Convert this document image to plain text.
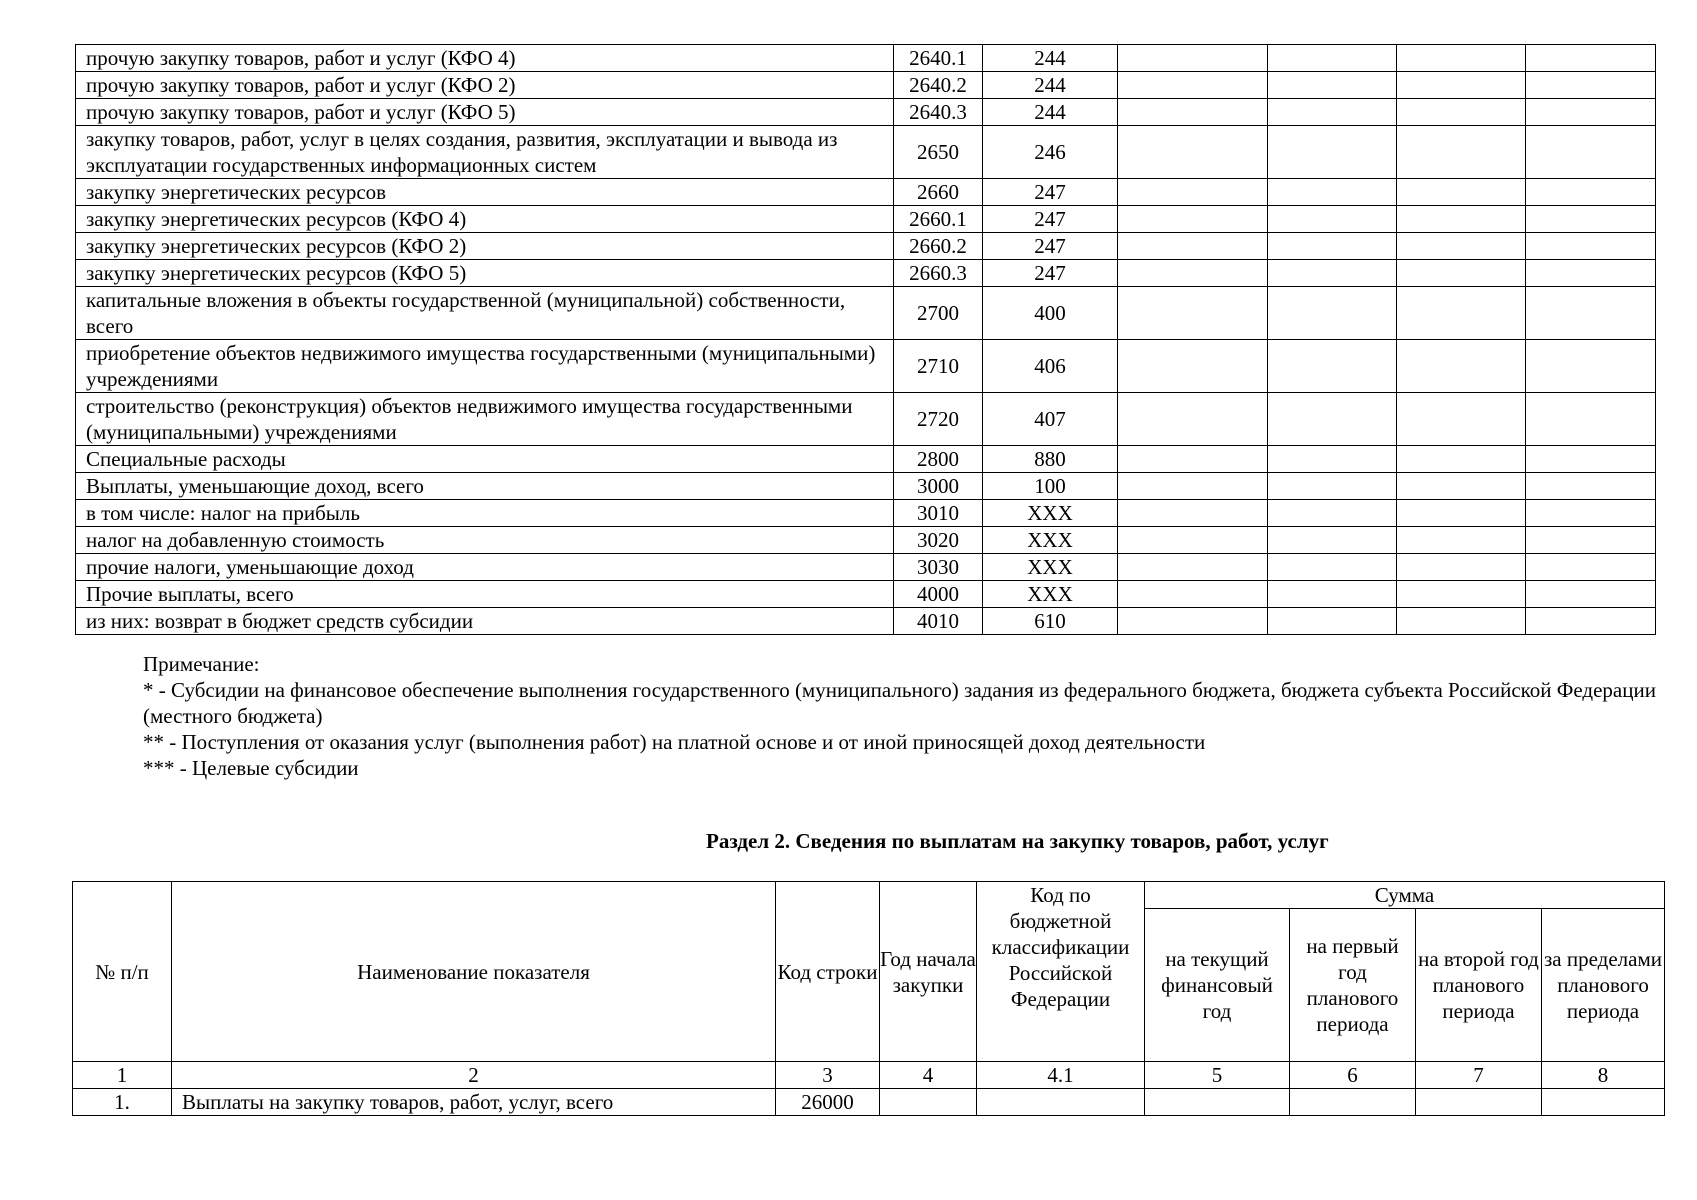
прочую закупку товаров, работ и услуг (КФО 4)	2640.1	244				
прочую закупку товаров, работ и услуг (КФО 2)	2640.2	244				
прочую закупку товаров, работ и услуг (КФО 5)	2640.3	244				
закупку товаров, работ, услуг в целях создания, развития, эксплуатации и вывода из эксплуатации государственных информационных систем	2650	246				
закупку энергетических ресурсов	2660	247				
закупку энергетических ресурсов (КФО 4)	2660.1	247				
закупку энергетических ресурсов (КФО 2)	2660.2	247				
закупку энергетических ресурсов (КФО 5)	2660.3	247				
капитальные вложения в объекты государственной (муниципальной) собственности, всего	2700	400				
приобретение объектов недвижимого имущества государственными (муниципальными) учреждениями	2710	406				
строительство (реконструкция) объектов недвижимого имущества государственными (муниципальными) учреждениями	2720	407				
Специальные расходы	2800	880				
Выплаты, уменьшающие доход, всего	3000	100				
в том числе: налог на прибыль	3010	ХХХ				
налог на добавленную стоимость	3020	ХХХ				
прочие налоги, уменьшающие доход	3030	ХХХ				
Прочие выплаты, всего	4000	ХХХ				
из них: возврат в бюджет средств субсидии	4010	610				

Примечание:

* - Субсидии на финансовое обеспечение выполнения государственного (муниципального) задания из федерального бюджета, бюджета субъекта Российской Федерации (местного бюджета)

** - Поступления от оказания услуг (выполнения работ) на платной основе и от иной приносящей доход деятельности

*** - Целевые субсидии

Раздел 2. Сведения по выплатам на закупку товаров, работ, услуг
№ п/п	Наименование показателя	Код строки	Год начала закупки	Код по бюджетной классификации Российской Федерации	Сумма			
					на текущий финансовый год	на первый год планового периода	на второй год планового периода	за пределами планового периода
1	2	3	4	4.1	5	6	7	8
1.	Выплаты на закупку товаров, работ, услуг, всего	26000						
